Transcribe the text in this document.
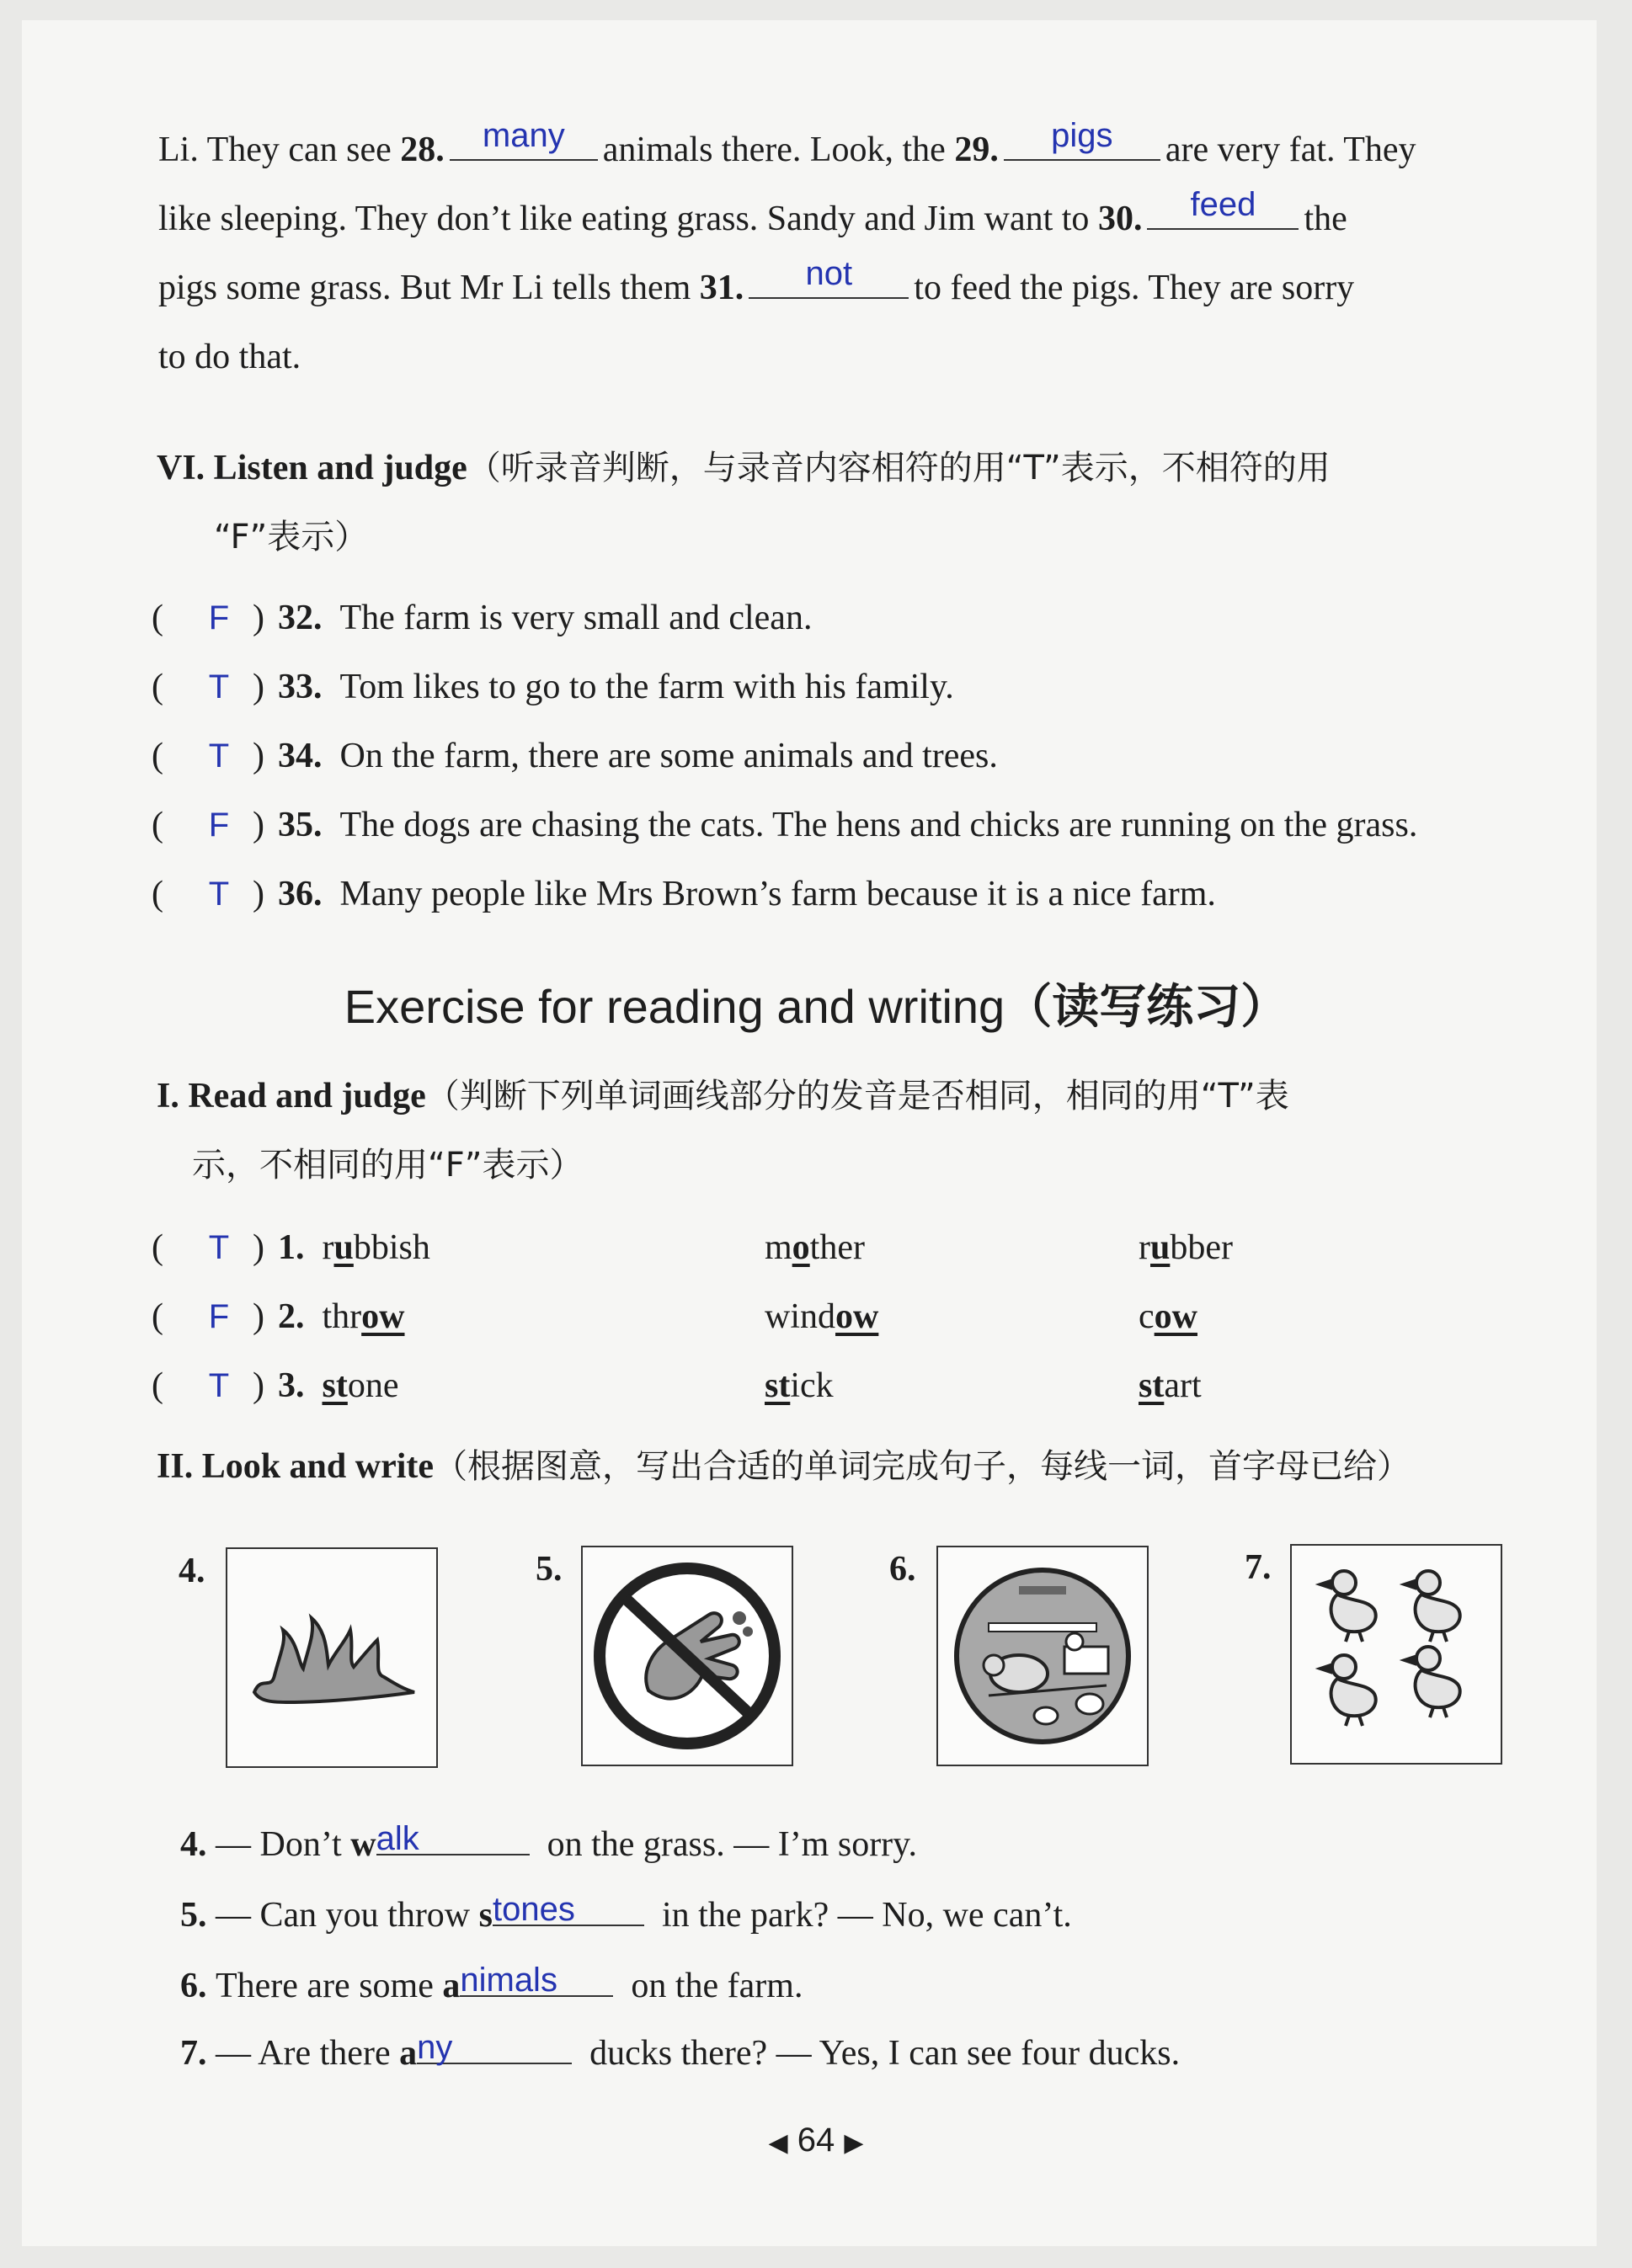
Li. They can see 28.	many	animals there. Look, the 29.	pigs	are very fat. They
like sleeping. They don’t like eating grass. Sandy and Jim want to 30.	feed	the
pigs some grass. But Mr Li tells them 31.	not	to feed the pigs. They are sorry
to do that.
VI. Listen and judge（听录音判断，与录音内容相符的用“T”表示，不相符的用
“F”表示）
( F ) 32. The farm is very small and clean.
( T ) 33. Tom likes to go to the farm with his family.
( T ) 34. On the farm, there are some animals and trees.
( F ) 35. The dogs are chasing the cats. The hens and chicks are running on the grass.
( T ) 36. Many people like Mrs Brown’s farm because it is a nice farm.
Exercise for reading and writing（读写练习）
I. Read and judge（判断下列单词画线部分的发音是否相同，相同的用“T”表
示，不相同的用“F”表示）
( T ) 1. rubbish	mother	rubber
( F ) 2. throw	window	cow
( T ) 3. stone	stick	start
II. Look and write（根据图意，写出合适的单词完成句子，每线一词，首字母已给）
4.	5.	6.	7.
4. — Don’t w alk	on the grass. — I’m sorry.
5. — Can you throw s tones in the park? — No, we can’t.
6. There are some a nimals on the farm.
7. — Are there a ny	ducks there? — Yes, I can see four ducks.
◀ 64 ▶
